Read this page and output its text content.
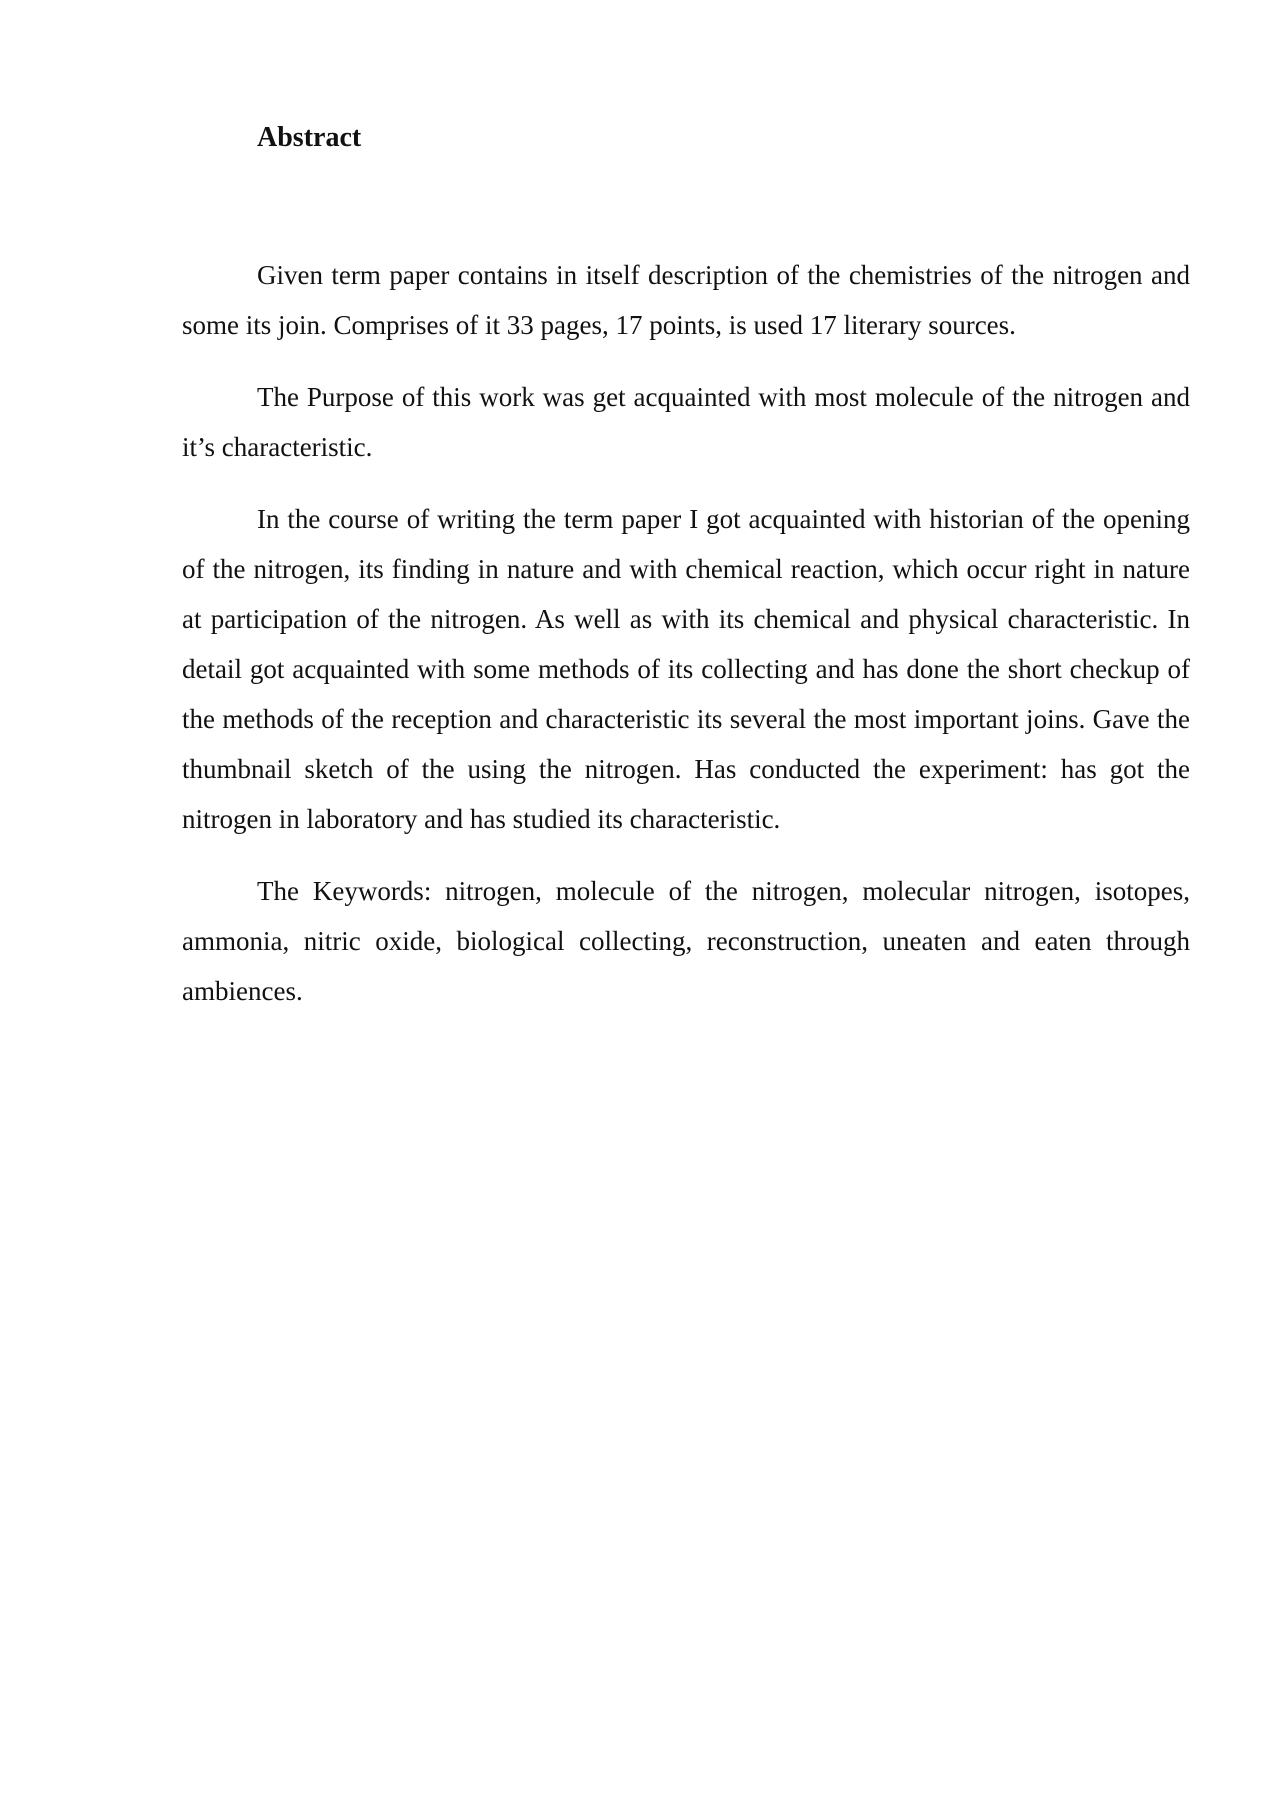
Abstract

Given term paper contains in itself description of the chemistries of the nitrogen and some its join. Comprises of it 33 pages, 17 points, is used 17 literary sources.

The Purpose of this work was get acquainted with most molecule of the nitrogen and it’s characteristic.

In the course of writing the term paper I got acquainted with historian of the opening of the nitrogen, its finding in nature and with chemical reaction, which occur right in nature at participation of the nitrogen. As well as with its chemical and physical characteristic. In detail got acquainted with some methods of its collecting and has done the short checkup of the methods of the reception and characteristic its several the most important joins. Gave the thumbnail sketch of the using the nitrogen. Has conducted the experiment: has got the nitrogen in laboratory and has studied its characteristic.

The Keywords: nitrogen, molecule of the nitrogen, molecular nitrogen, isotopes, ammonia, nitric oxide, biological collecting, reconstruction, uneaten and eaten through ambiences.
